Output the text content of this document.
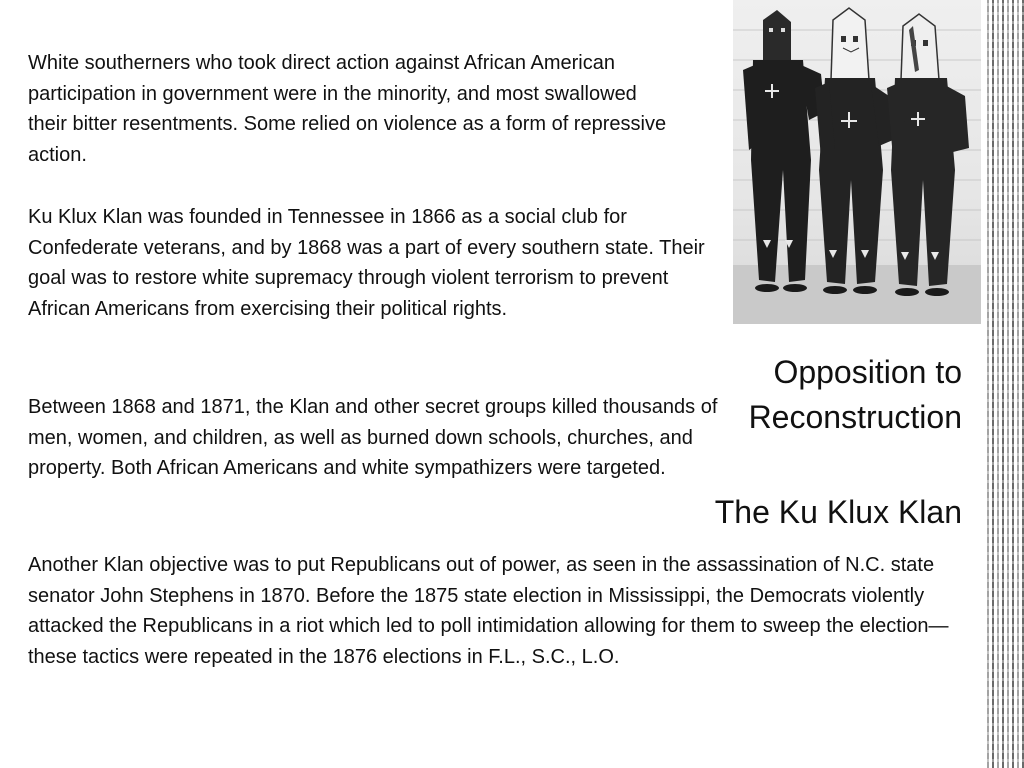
White southerners who took direct action against African American participation in government were in the minority, and most swallowed their bitter resentments. Some relied on violence as a form of repressive action.

Ku Klux Klan was founded in Tennessee in 1866 as a social club for Confederate veterans, and by 1868 was a part of every southern state. Their goal was to restore white supremacy through violent terrorism to prevent African Americans from exercising their political rights.

Between 1868 and 1871, the Klan and other secret groups killed thousands of men, women, and children, as well as burned down schools, churches, and property. Both African Americans and white sympathizers were targeted.

Another Klan objective was to put Republicans out of power, as seen in the assassination of N.C. state senator John Stephens in 1870. Before the 1875 state election in Mississippi, the Democrats violently attacked the Republicans in a riot which led to poll intimidation allowing for them to sweep the election—these tactics were repeated in the 1876 elections in F.L., S.C., L.O.

Opposition to Reconstruction
The Ku Klux Klan
